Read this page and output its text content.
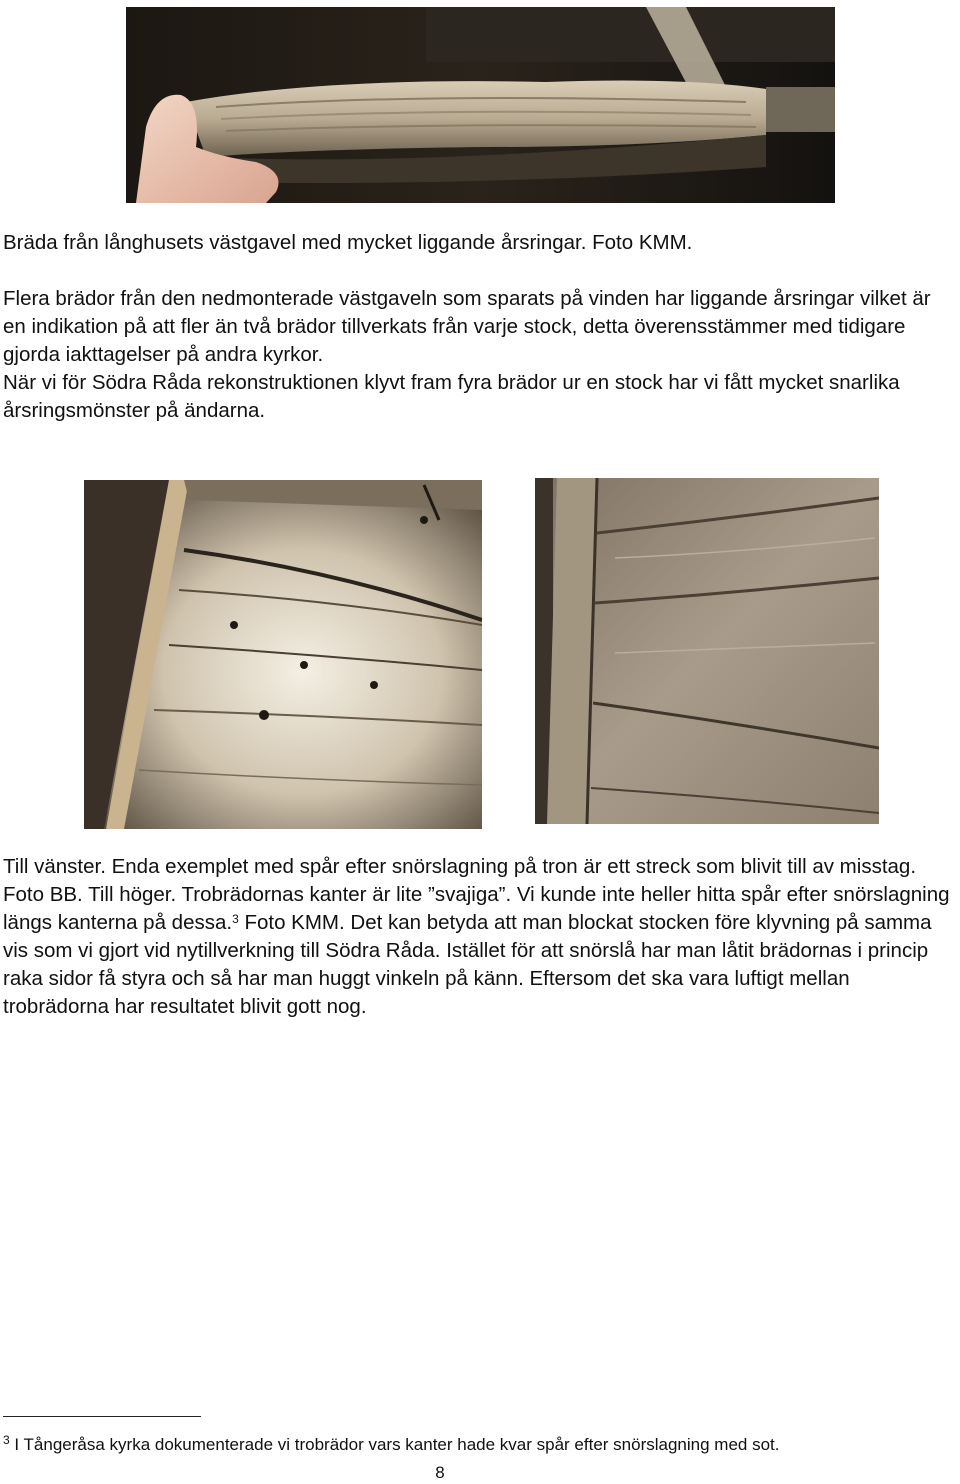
Bräda från långhusets västgavel med mycket liggande årsringar. Foto KMM.

Flera brädor från den nedmonterade västgaveln som sparats på vinden har liggande årsringar vilket är en indikation på att fler än två brädor tillverkats från varje stock, detta överensstämmer med tidigare gjorda iakttagelser på andra kyrkor.
När vi för Södra Råda rekonstruktionen klyvt fram fyra brädor ur en stock har vi fått mycket snarlika årsringsmönster på ändarna.

Till vänster. Enda exemplet med spår efter snörslagning på tron är ett streck som blivit till av misstag. Foto BB. Till höger. Trobrädornas kanter är lite ”svajiga”. Vi kunde inte heller hitta spår efter snörslagning längs kanterna på dessa.$^3$ Foto KMM. Det kan betyda att man blockat stocken före klyvning på samma vis som vi gjort vid nytillverkning till Södra Råda. Istället för att snörslå har man låtit brädornas i princip raka sidor få styra och så har man huggt vinkeln på känn. Eftersom det ska vara luftigt mellan trobrädorna har resultatet blivit gott nog.

$^3$ I Tångeråsa kyrka dokumenterade vi trobrädor vars kanter hade kvar spår efter snörslagning med sot.

8
